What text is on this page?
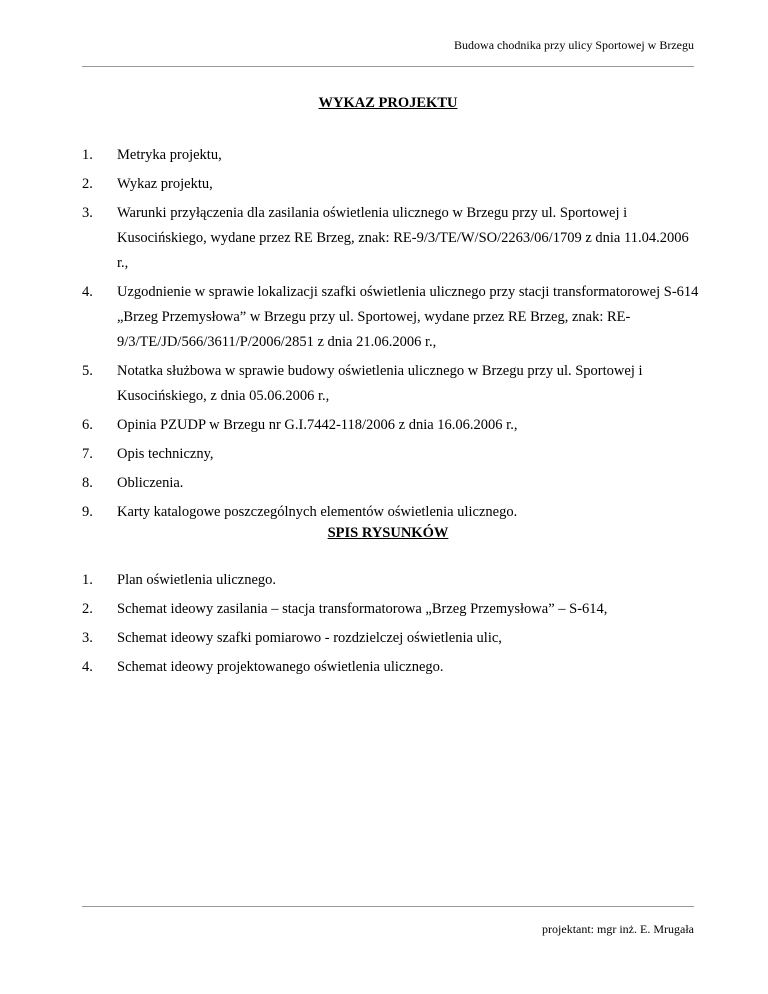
Budowa chodnika przy ulicy Sportowej w Brzegu
WYKAZ PROJEKTU
1. Metryka projektu,
2. Wykaz projektu,
3. Warunki przyłączenia dla zasilania oświetlenia ulicznego w Brzegu przy ul. Sportowej i Kusocińskiego, wydane przez RE Brzeg, znak: RE-9/3/TE/W/SO/2263/06/1709 z dnia 11.04.2006 r.,
4. Uzgodnienie w sprawie lokalizacji szafki oświetlenia ulicznego przy stacji transformatorowej S-614 „Brzeg Przemysłowa” w Brzegu przy ul. Sportowej, wydane przez RE Brzeg, znak: RE-9/3/TE/JD/566/3611/P/2006/2851 z dnia 21.06.2006 r.,
5. Notatka służbowa w sprawie budowy oświetlenia ulicznego w Brzegu przy ul. Sportowej i Kusocińskiego, z dnia 05.06.2006 r.,
6. Opinia PZUDP w Brzegu nr G.I.7442-118/2006 z dnia 16.06.2006 r.,
7. Opis techniczny,
8. Obliczenia.
9. Karty katalogowe poszczególnych elementów oświetlenia ulicznego.
SPIS RYSUNKÓW
1. Plan oświetlenia ulicznego.
2. Schemat ideowy zasilania – stacja transformatorowa „Brzeg Przemysłowa” – S-614,
3. Schemat ideowy szafki pomiarowo - rozdzielczej oświetlenia ulic,
4. Schemat ideowy projektowanego oświetlenia ulicznego.
projektant: mgr inż. E. Mrugała
